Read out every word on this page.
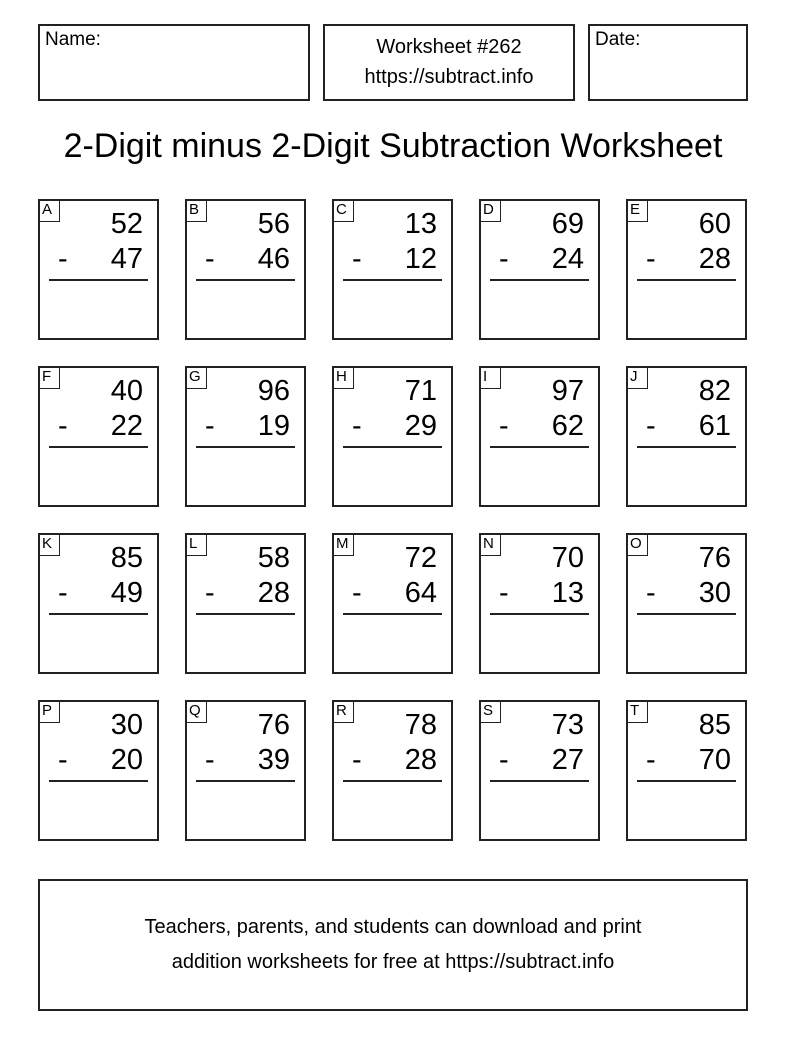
Name:	Worksheet #262
https://subtract.info
Date:
2-Digit minus 2-Digit Subtraction Worksheet
A 52
- 47
B 56
- 46
C 13
- 12
D 69
- 24
E 60
- 28
F	40
- 22
G 96
- 19
H 71
- 29
I	97
- 62
J	82
- 61
K 85
- 49
L	58
- 28
M 72
- 64
N 70
- 13
O 76
- 30
P 30
- 20
Q 76
- 39
R 78
- 28
S 73
- 27
T	85
- 70
Teachers, parents, and students can download and print
addition worksheets for free at https://subtract.info
